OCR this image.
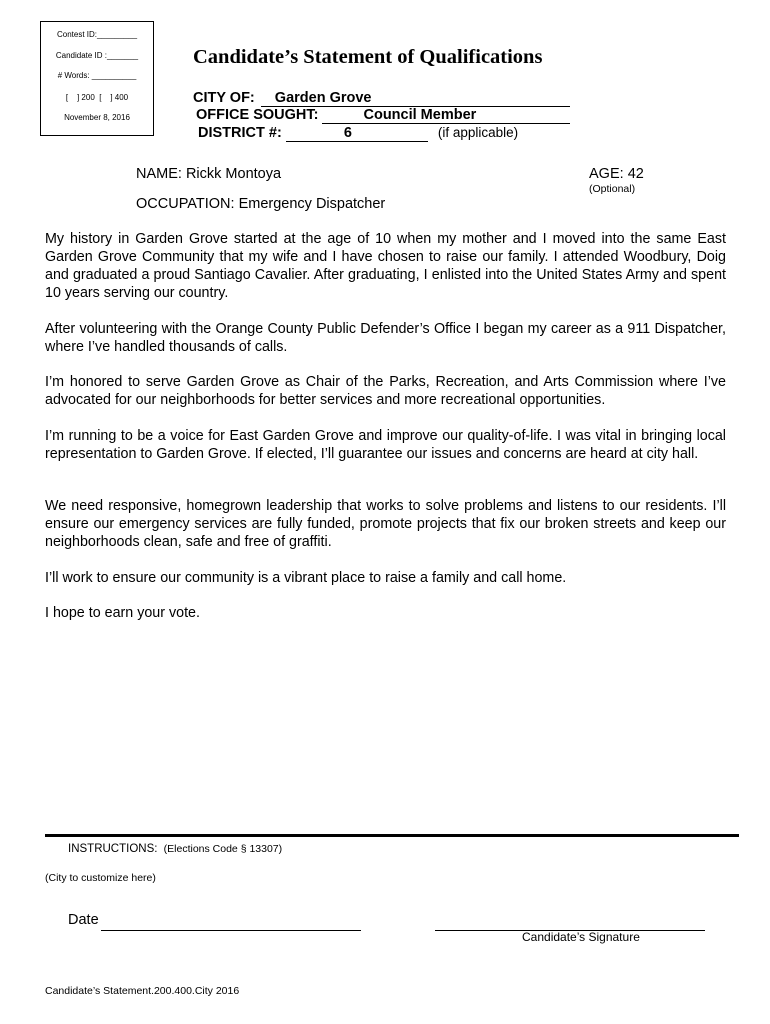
Contest ID:_________
Candidate ID :_______
# Words: __________
[    ] 200  [    ] 400
November 8, 2016
Candidate’s Statement of Qualifications
CITY OF: Garden Grove
OFFICE SOUGHT:	Council Member
DISTRICT #:	6	(if applicable)
NAME: Rickk Montoya	AGE: 42
(Optional)
OCCUPATION: Emergency Dispatcher
My history in Garden Grove started at the age of 10 when my mother and I moved into the same East Garden Grove Community that my wife and I have chosen to raise our family. I attended Woodbury, Doig and graduated a proud Santiago Cavalier. After graduating, I enlisted into the United States Army and spent 10 years serving our country.
After volunteering with the Orange County Public Defender’s Office I began my career as a 911 Dispatcher, where I’ve handled thousands of calls.
I’m honored to serve Garden Grove as Chair of the Parks, Recreation, and Arts Commission where I’ve advocated for our neighborhoods for better services and more recreational opportunities.
I’m running to be a voice for East Garden Grove and improve our quality-of-life. I was vital in bringing local representation to Garden Grove. If elected, I’ll guarantee our issues and concerns are heard at city hall.
We need responsive, homegrown leadership that works to solve problems and listens to our residents. I’ll ensure our emergency services are fully funded, promote projects that fix our broken streets and keep our neighborhoods clean, safe and free of graffiti.
I’ll work to ensure our community is a vibrant place to raise a family and call home.
I hope to earn your vote.
INSTRUCTIONS: (Elections Code § 13307)
(City to customize here)
Date
Candidate’s Signature
Candidate’s Statement.200.400.City 2016
